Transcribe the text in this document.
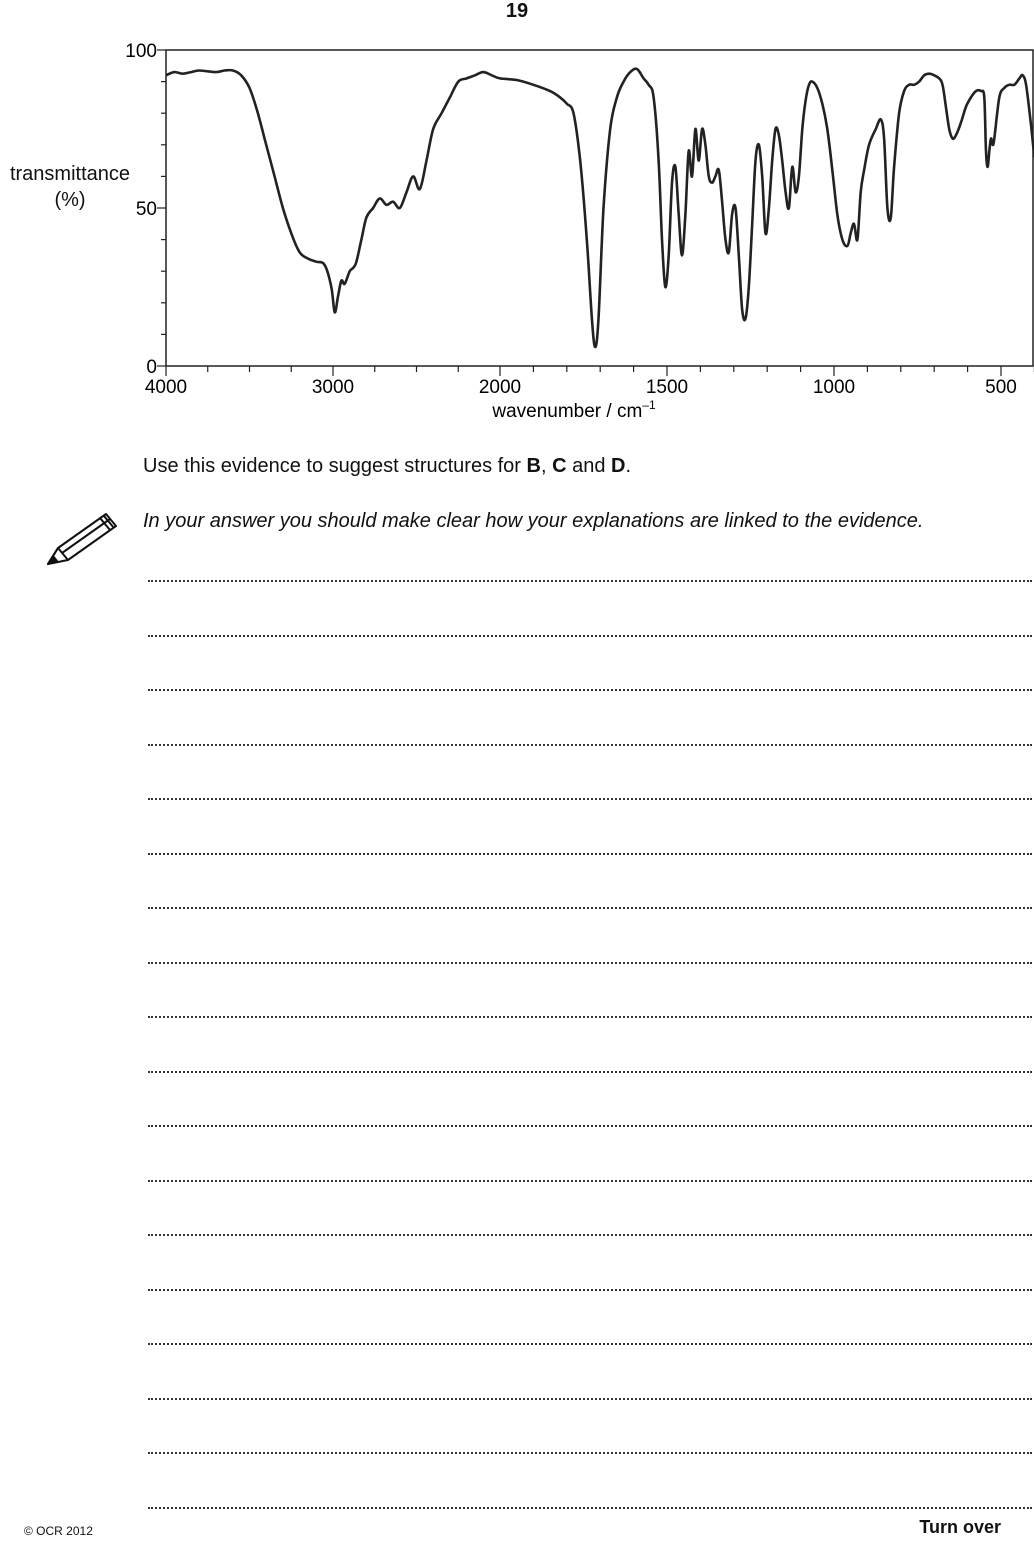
19
4000	3000	2000	1500	1000	500
100
50
0
wavenumber / $cm^{-1}$
transmittance
(%)
Use this evidence to suggest structures for B, C and D.
In your answer you should make clear how your explanations are linked to the evidence.
© OCR 2012	Turn over
